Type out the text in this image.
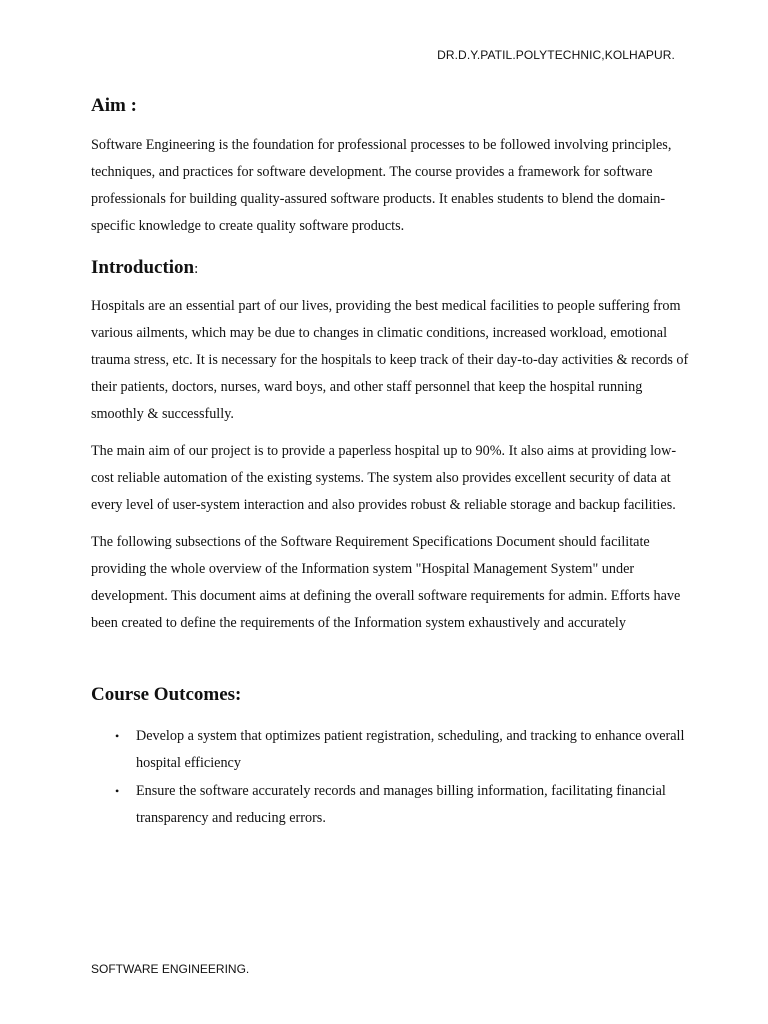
DR.D.Y.PATIL.POLYTECHNIC,KOLHAPUR.
Aim :

Software Engineering is the foundation for professional processes to be followed involving principles, techniques, and practices for software development. The course provides a framework for software professionals for building quality-assured software products. It enables students to blend the domain-specific knowledge to create quality software products.

Introduction:

Hospitals are an essential part of our lives, providing the best medical facilities to people suffering from various ailments, which may be due to changes in climatic conditions, increased workload, emotional trauma stress, etc. It is necessary for the hospitals to keep track of their day-to-day activities & records of their patients, doctors, nurses, ward boys, and other staff personnel that keep the hospital running smoothly & successfully.

The main aim of our project is to provide a paperless hospital up to 90%. It also aims at providing low-cost reliable automation of the existing systems. The system also provides excellent security of data at every level of user-system interaction and also provides robust & reliable storage and backup facilities.

The following subsections of the Software Requirement Specifications Document should facilitate providing the whole overview of the Information system "Hospital Management System" under development. This document aims at defining the overall software requirements for admin. Efforts have been created to define the requirements of the Information system exhaustively and accurately

Course Outcomes:
• Develop a system that optimizes patient registration, scheduling, and tracking to enhance overall hospital efficiency
• Ensure the software accurately records and manages billing information, facilitating financial transparency and reducing errors.
SOFTWARE ENGINEERING.
